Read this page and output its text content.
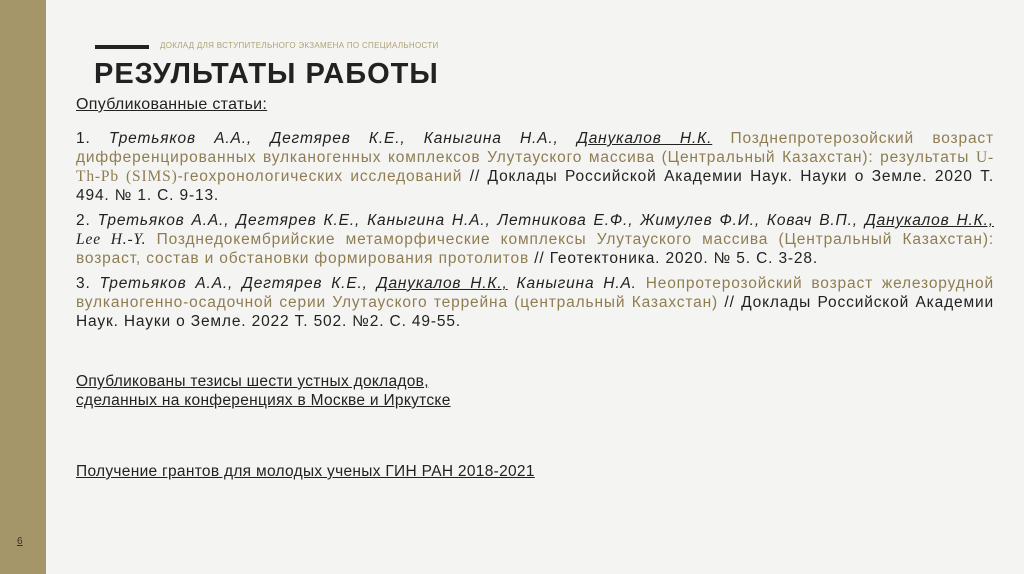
6
ДОКЛАД ДЛЯ ВСТУПИТЕЛЬНОГО ЭКЗАМЕНА ПО СПЕЦИАЛЬНОСТИ
РЕЗУЛЬТАТЫ РАБОТЫ
Опубликованные статьи:

1. Третьяков А.А., Дегтярев К.Е., Каныгина Н.А., Данукалов Н.К. Позднепротерозойский возраст дифференцированных вулканогенных комплексов Улутауского массива (Центральный Казахстан): результаты U-Th-Pb (SIMS)-геохронологических исследований // Доклады Российской Академии Наук. Науки о Земле. 2020 Т. 494. № 1. С. 9-13.

2. Третьяков А.А., Дегтярев К.Е., Каныгина Н.А., Летникова Е.Ф., Жимулев Ф.И., Ковач В.П., Данукалов Н.К., Lee H.-Y. Позднедокембрийские метаморфические комплексы Улутауского массива (Центральный Казахстан): возраст, состав и обстановки формирования протолитов // Геотектоника. 2020. № 5. С. 3-28.

3. Третьяков А.А., Дегтярев К.Е., Данукалов Н.К., Каныгина Н.А. Неопротерозойский возраст железорудной вулканогенно-осадочной серии Улутауского террейна (центральный Казахстан) // Доклады Российской Академии Наук. Науки о Земле. 2022 Т. 502. №2. С. 49-55.

Опубликованы тезисы шести устных докладов,
сделанных на конференциях в Москве и Иркутске
Получение грантов для молодых ученых ГИН РАН 2018-2021
